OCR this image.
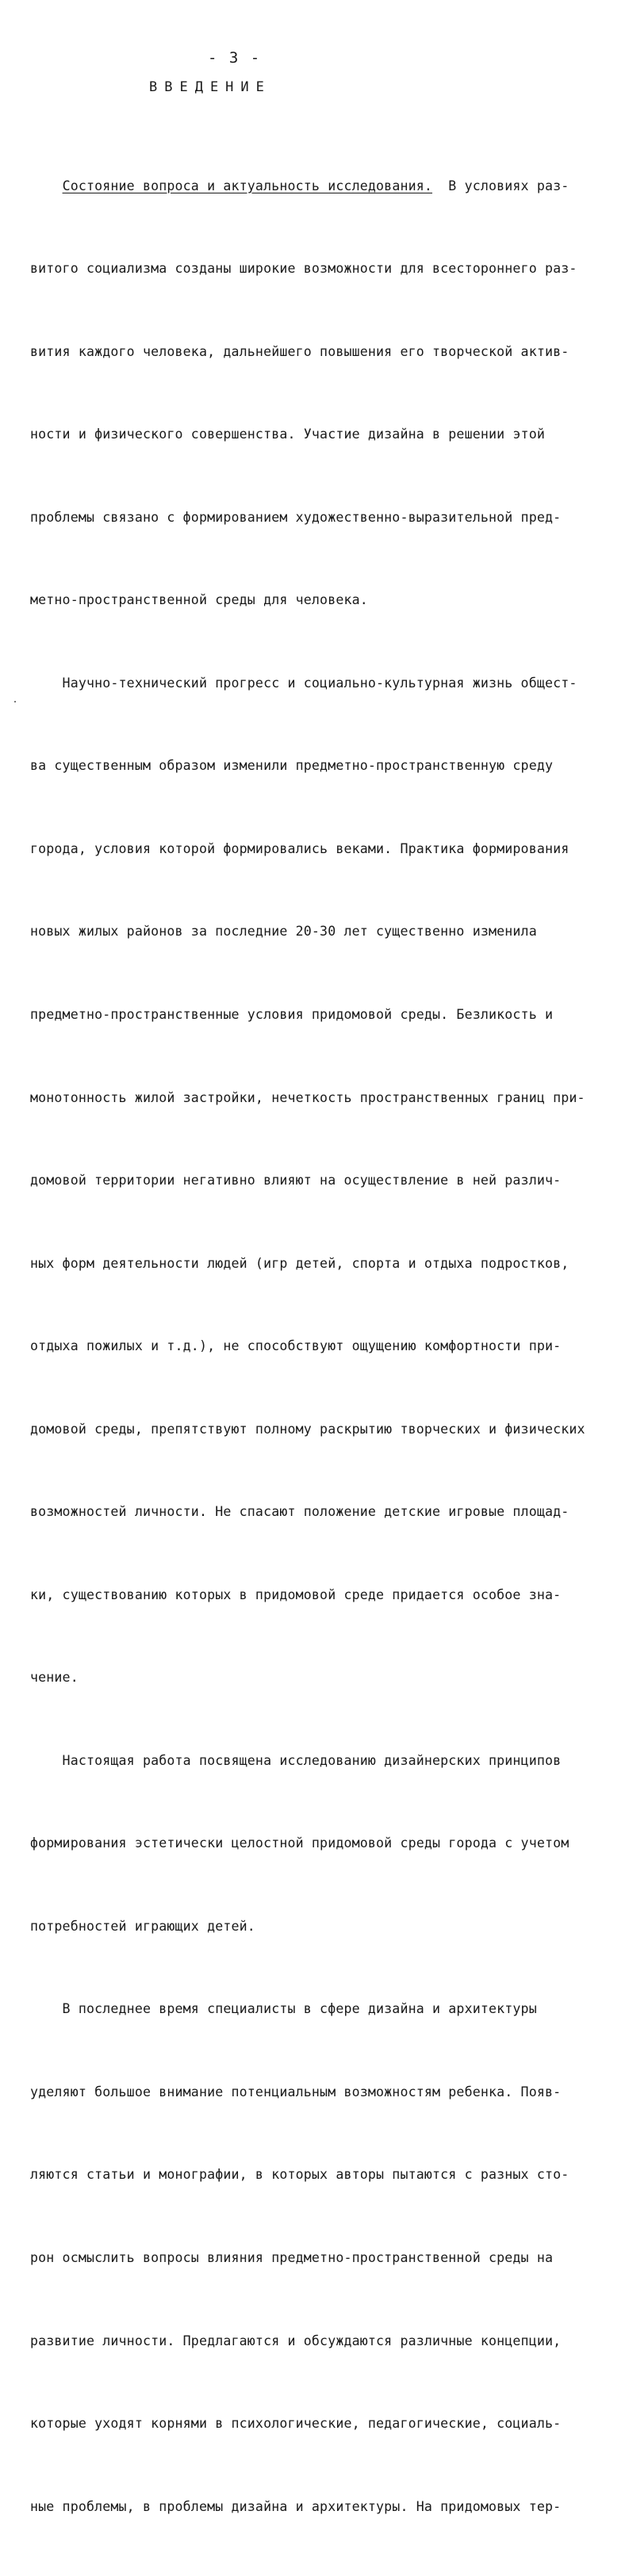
- 3 -
ВВЕДЕНИЕ

Состояние вопроса и актуальность исследования.  В условиях раз-

витого социализма созданы широкие возможности для всестороннего раз-

вития каждого человека, дальнейшего повышения его творческой актив-

ности и физического совершенства. Участие дизайна в решении этой

проблемы связано с формированием художественно-выразительной пред-

метно-пространственной среды для человека.

Научно-технический прогресс и социально-культурная жизнь общест-

ва существенным образом изменили предметно-пространственную среду

города, условия которой формировались веками. Практика формирования

новых жилых районов за последние 20-30 лет существенно изменила

предметно-пространственные условия придомовой среды. Безликость и

монотонность жилой застройки, нечеткость пространственных границ при-

домовой территории негативно влияют на осуществление в ней различ-

ных форм деятельности людей (игр детей, спорта и отдыха подростков,

отдыха пожилых и т.д.), не способствуют ощущению комфортности при-

домовой среды, препятствуют полному раскрытию творческих и физических

возможностей личности. Не спасают положение детские игровые площад-

ки, существованию которых в придомовой среде придается особое зна-

чение.

Настоящая работа посвящена исследованию дизайнерских принципов

формирования эстетически целостной придомовой среды города с учетом

потребностей играющих детей.

В последнее время специалисты в сфере дизайна и архитектуры

уделяют большое внимание потенциальным возможностям ребенка. Появ-

ляются статьи и монографии, в которых авторы пытаются с разных сто-

рон осмыслить вопросы влияния предметно-пространственной среды на

развитие личности. Предлагаются и обсуждаются различные концепции,

которые уходят корнями в психологические, педагогические, социаль-

ные проблемы, в проблемы дизайна и архитектуры. На придомовых тер-
